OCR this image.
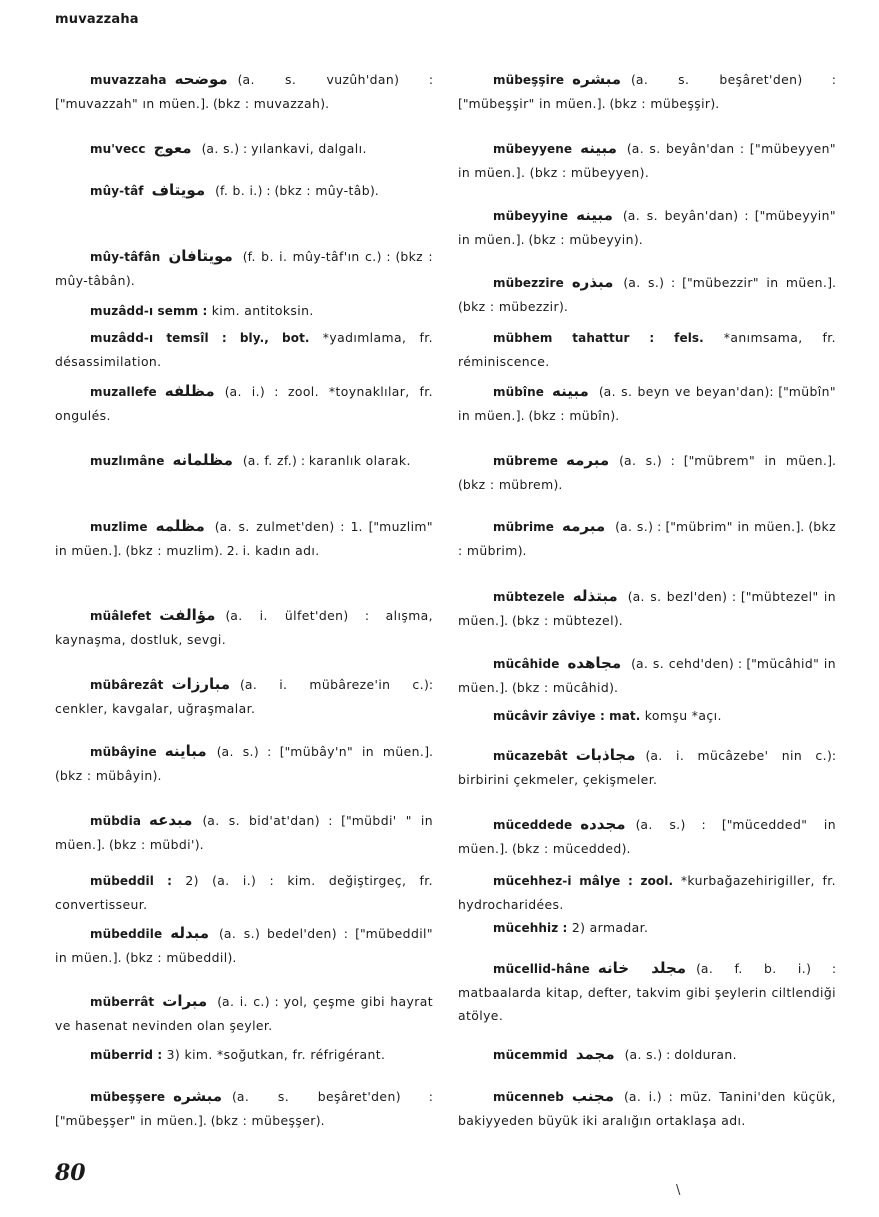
muvazzaha
muvazzaha موضحه (a. s. vuzûh'dan) : ["muvazzah" ın müen.]. (bkz : muvazzah).
mu'vecc معوج (a. s.) : yılankavi, dalgalı.
mûy-tâf مویتاف (f. b. i.) : (bkz : mûy-tâb).
mûy-tâfân مویتافان (f. b. i. mûy-tâf'ın c.) : (bkz : mûy-tâbân).
muzâdd-ı semm : kim. antitoksin.
muzâdd-ı temsîl : bly., bot. *yadımlama, fr. désassimilation.
muzallefe مظلفه (a. i.) : zool. *toynaklılar, fr. ongulés.
muzlımâne مظلمانه (a. f. zf.) : karanlık olarak.
muzlime مظلمه (a. s. zulmet'den) : 1. ["muzlim" in müen.]. (bkz : muzlim). 2. i. kadın adı.
müâlefet مؤالفت (a. i. ülfet'den) : alışma, kaynaşma, dostluk, sevgi.
mübârezât مبارزات (a. i. mübâreze'in c.): cenkler, kavgalar, uğraşmalar.
mübâyine مباینه (a. s.) : ["mübây'n" in müen.]. (bkz : mübâyin).
mübdia مبدعه (a. s. bid'at'dan) : ["mübdi' " in müen.]. (bkz : mübdi').
mübeddil : 2) (a. i.) : kim. değiştirgeç, fr. convertisseur.
mübeddile مبدله (a. s.) bedel'den) : ["mübeddil" in müen.]. (bkz : mübeddil).
müberrât مبرات (a. i. c.) : yol, çeşme gibi hayrat ve hasenat nevinden olan şeyler.
müberrid : 3) kim. *soğutkan, fr. réfrigérant.
mübeşşere مبشره (a. s. beşâret'den) : ["mübeşşer" in müen.]. (bkz : mübeşşer).
mübeşşire مبشره (a. s. beşâret'den) : ["mübeşşir" in müen.]. (bkz : mübeşşir).
mübeyyene مبینه (a. s. beyân'dan : ["mübeyyen" in müen.]. (bkz : mübeyyen).
mübeyyine مبینه (a. s. beyân'dan) : ["mübeyyin" in müen.]. (bkz : mübeyyin).
mübezzire مبذره (a. s.) : ["mübezzir" in müen.]. (bkz : mübezzir).
mübhem tahattur : fels. *anımsama, fr. réminiscence.
mübîne مبینه (a. s. beyn ve beyan'dan): ["mübîn" in müen.]. (bkz : mübîn).
mübreme مبرمه (a. s.) : ["mübrem" in müen.]. (bkz : mübrem).
mübrime مبرمه (a. s.) : ["mübrim" in müen.]. (bkz : mübrim).
mübtezele مبتذله (a. s. bezl'den) : ["mübtezel" in müen.]. (bkz : mübtezel).
mücâhide مجاهده (a. s. cehd'den) : ["mücâhid" in müen.]. (bkz : mücâhid).
mücâvir zâviye : mat. komşu *açı.
mücazebât مجاذبات (a. i. mücâzebe' nin c.): birbirini çekmeler, çekişmeler.
müceddede مجدده (a. s.) : ["mücedded" in müen.]. (bkz : mücedded).
mücehhez-i mâlye : zool. *kurbağazehirigiller, fr. hydrocharidées.
mücehhiz : 2) armadar.
mücellid-hâne مجلد خانه (a. f. b. i.) : matbaalarda kitap, defter, takvim gibi şeylerin ciltlendiği atölye.
mücemmid مجمد (a. s.) : dolduran.
mücenneb مجنب (a. i.) : müz. Tanini'den küçük, bakiyyeden büyük iki aralığın ortaklaşa adı.
80
\
